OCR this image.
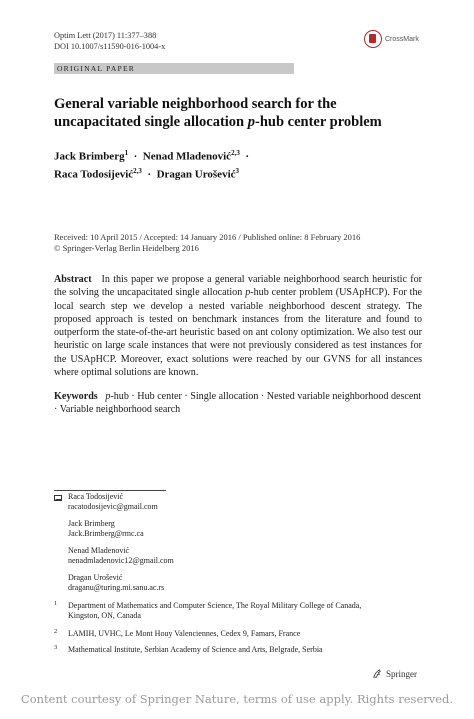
Optim Lett (2017) 11:377–388
DOI 10.1007/s11590-016-1004-x
CrossMark
ORIGINAL PAPER
General variable neighborhood search for the
uncapacitated single allocation p-hub center problem
Jack Brimberg$^1$  ·  Nenad Mladenović$^{2,3}$  ·
Raca Todosijević$^{2,3}$  ·  Dragan Urošević$^3$
Received: 10 April 2015 / Accepted: 14 January 2016 / Published online: 8 February 2016
© Springer-Verlag Berlin Heidelberg 2016
Abstract In this paper we propose a general variable neighborhood search heuristic for the solving the uncapacitated single allocation p-hub center problem (USApHCP). For the local search step we develop a nested variable neighborhood descent strategy. The proposed approach is tested on benchmark instances from the literature and found to outperform the state-of-the-art heuristic based on ant colony optimization. We also test our heuristic on large scale instances that were not previously considered as test instances for the USApHCP. Moreover, exact solutions were reached by our GVNS for all instances where optimal solutions are known.
Keywords p-hub · Hub center · Single allocation · Nested variable neighborhood descent · Variable neighborhood search
Raca Todosijević
racatodosijevic@gmail.com
Jack Brimberg
Jack.Brimberg@rmc.ca
Nenad Mladenović
nenadmladenovic12@gmail.com
Dragan Urošević
draganu@turing.mi.sanu.ac.rs
1 Department of Mathematics and Computer Science, The Royal Military College of Canada,
Kingston, ON, Canada
2 LAMIH, UVHC, Le Mont Houy Valenciennes, Cedex 9, Famars, France
3 Mathematical Institute, Serbian Academy of Science and Arts, Belgrade, Serbia
Springer
Content courtesy of Springer Nature, terms of use apply. Rights reserved.
